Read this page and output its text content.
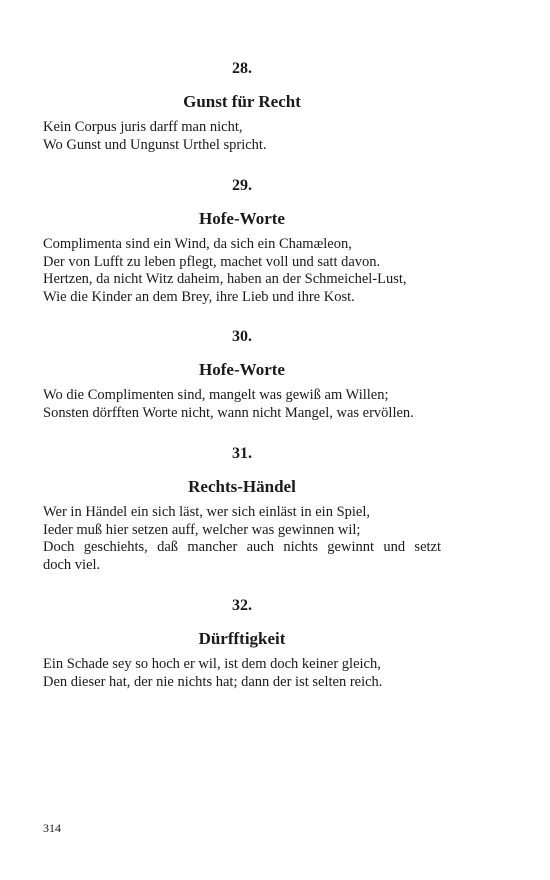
28.
Gunst für Recht
Kein Corpus juris darff man nicht,
Wo Gunst und Ungunst Urthel spricht.
29.
Hofe-Worte
Complimenta sind ein Wind, da sich ein Chamæleon,
Der von Lufft zu leben pflegt, machet voll und satt davon.
Hertzen, da nicht Witz daheim, haben an der Schmeichel-Lust,
Wie die Kinder an dem Brey, ihre Lieb und ihre Kost.
30.
Hofe-Worte
Wo die Complimenten sind, mangelt was gewiß am Willen;
Sonsten dörfften Worte nicht, wann nicht Mangel, was ervöllen.
31.
Rechts-Händel
Wer in Händel ein sich läst, wer sich einläst in ein Spiel,
Ieder muß hier setzen auff, welcher was gewinnen wil;
Doch geschiehts, daß mancher auch nichts gewinnt und setzt
doch viel.
32.
Dürfftigkeit
Ein Schade sey so hoch er wil, ist dem doch keiner gleich,
Den dieser hat, der nie nichts hat; dann der ist selten reich.
314
